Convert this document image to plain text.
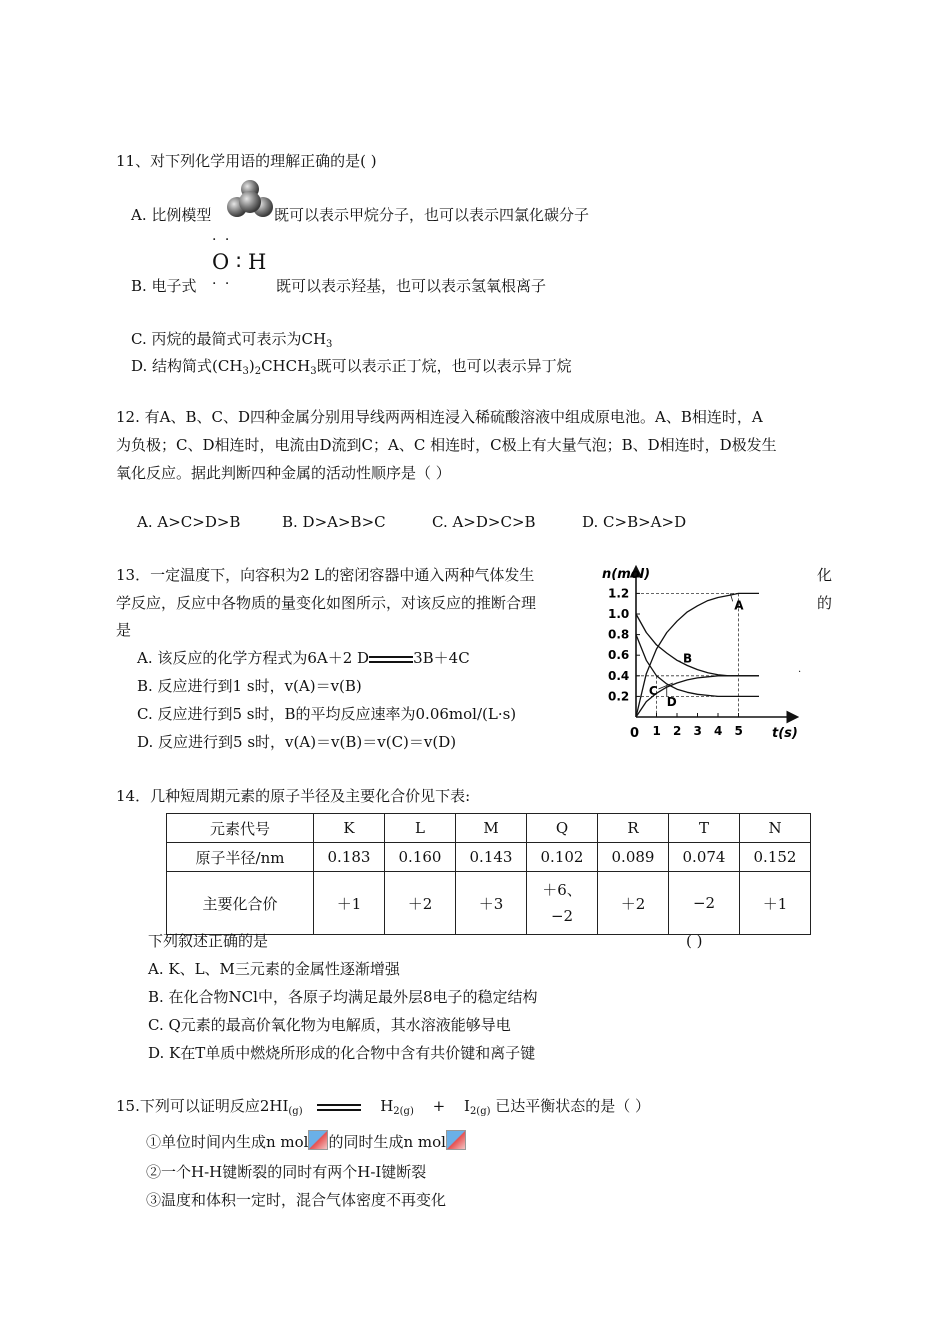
11、对下列化学用语的理解正确的是( )
A. 比例模型	既可以表示甲烷分子，也可以表示四氯化碳分子
· ·
O ∶ H
B. 电子式 · ·	既可以表示羟基，也可以表示氢氧根离子
C. 丙烷的最简式可表示为$CH_3$
D. 结构简式$(CH_3)_2CHCH_3$既可以表示正丁烷，也可以表示异丁烷
12. 有A、B、C、D四种金属分别用导线两两相连浸入稀硫酸溶液中组成原电池。A、B相连时，A
为负极；C、D相连时，电流由D流到C；A、C 相连时，C极上有大量气泡；B、D相连时，D极发生
氧化反应。据此判断四种金属的活动性顺序是（ ）
A. A>C>D>B	B. D>A>B>C	C. A>D>C>B	D. C>B>A>D
13．一定温度下，向容积为2 L的密闭容器中通入两种气体发生	化
学反应，反应中各物质的量变化如图所示，对该反应的推断合理	的
是
A. 该反应的化学方程式为6A＋2 D	3B＋4C
B. 反应进行到1 s时，v(A)＝v(B)
C. 反应进行到5 s时，B的平均反应速率为0.06mol/(L·s)
D. 反应进行到5 s时，v(A)＝v(B)＝v(C)＝v(D)
1 2 3 4 5
0.2
0.4
0.6
0.8
1.0
1.2
A
B
C
D
n(mol)
t(s)
0
.
14．几种短周期元素的原子半径及主要化合价见下表:
元素代号	K	L	M	Q	R	T	N
原子半径/nm	0.183	0.160	0.143	0.102	0.089	0.074	0.152
主要化合价	＋1	＋2	＋3	＋6、
−2	＋2	−2	＋1
下列叙述正确的是	( )
A. K、L、M三元素的金属性逐渐增强
B. 在化合物NCl中，各原子均满足最外层8电子的稳定结构
C. Q元素的最高价氧化物为电解质，其水溶液能够导电
D. K在T单质中燃烧所形成的化合物中含有共价键和离子键
15.下列可以证明反应$2HI_{(g)}$	$H_{2(g)} + I_{2(g)}$ 已达平衡状态的是（ ）
①单位时间内生成n mol 的同时生成n mol
②一个H-H键断裂的同时有两个H-I键断裂
③温度和体积一定时，混合气体密度不再变化
